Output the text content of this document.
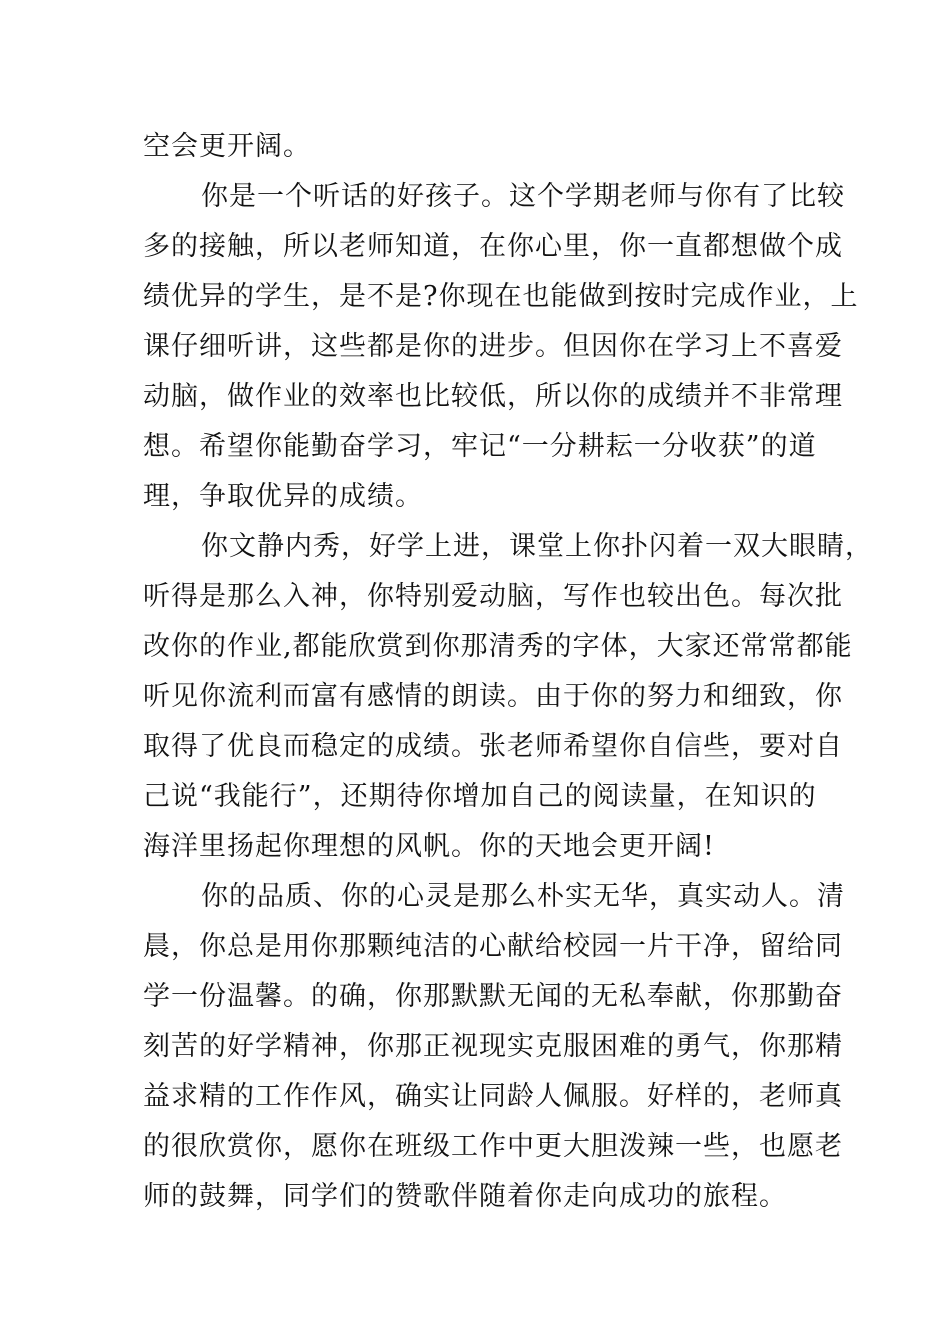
空会更开阔。
你是一个听话的好孩子。这个学期老师与你有了比较
多的接触，所以老师知道，在你心里，你一直都想做个成
绩优异的学生，是不是?你现在也能做到按时完成作业，上
课仔细听讲，这些都是你的进步。但因你在学习上不喜爱
动脑，做作业的效率也比较低，所以你的成绩并不非常理
想。希望你能勤奋学习，牢记“一分耕耘一分收获”的道
理，争取优异的成绩。
你文静内秀，好学上进，课堂上你扑闪着一双大眼睛，
听得是那么入神，你特别爱动脑，写作也较出色。每次批
改你的作业,都能欣赏到你那清秀的字体，大家还常常都能
听见你流利而富有感情的朗读。由于你的努力和细致，你
取得了优良而稳定的成绩。张老师希望你自信些，要对自
己说“我能行”，还期待你增加自己的阅读量，在知识的
海洋里扬起你理想的风帆。你的天地会更开阔!
你的品质、你的心灵是那么朴实无华，真实动人。清
晨，你总是用你那颗纯洁的心献给校园一片干净，留给同
学一份温馨。的确，你那默默无闻的无私奉献，你那勤奋
刻苦的好学精神，你那正视现实克服困难的勇气，你那精
益求精的工作作风，确实让同龄人佩服。好样的，老师真
的很欣赏你，愿你在班级工作中更大胆泼辣一些，也愿老
师的鼓舞，同学们的赞歌伴随着你走向成功的旅程。
